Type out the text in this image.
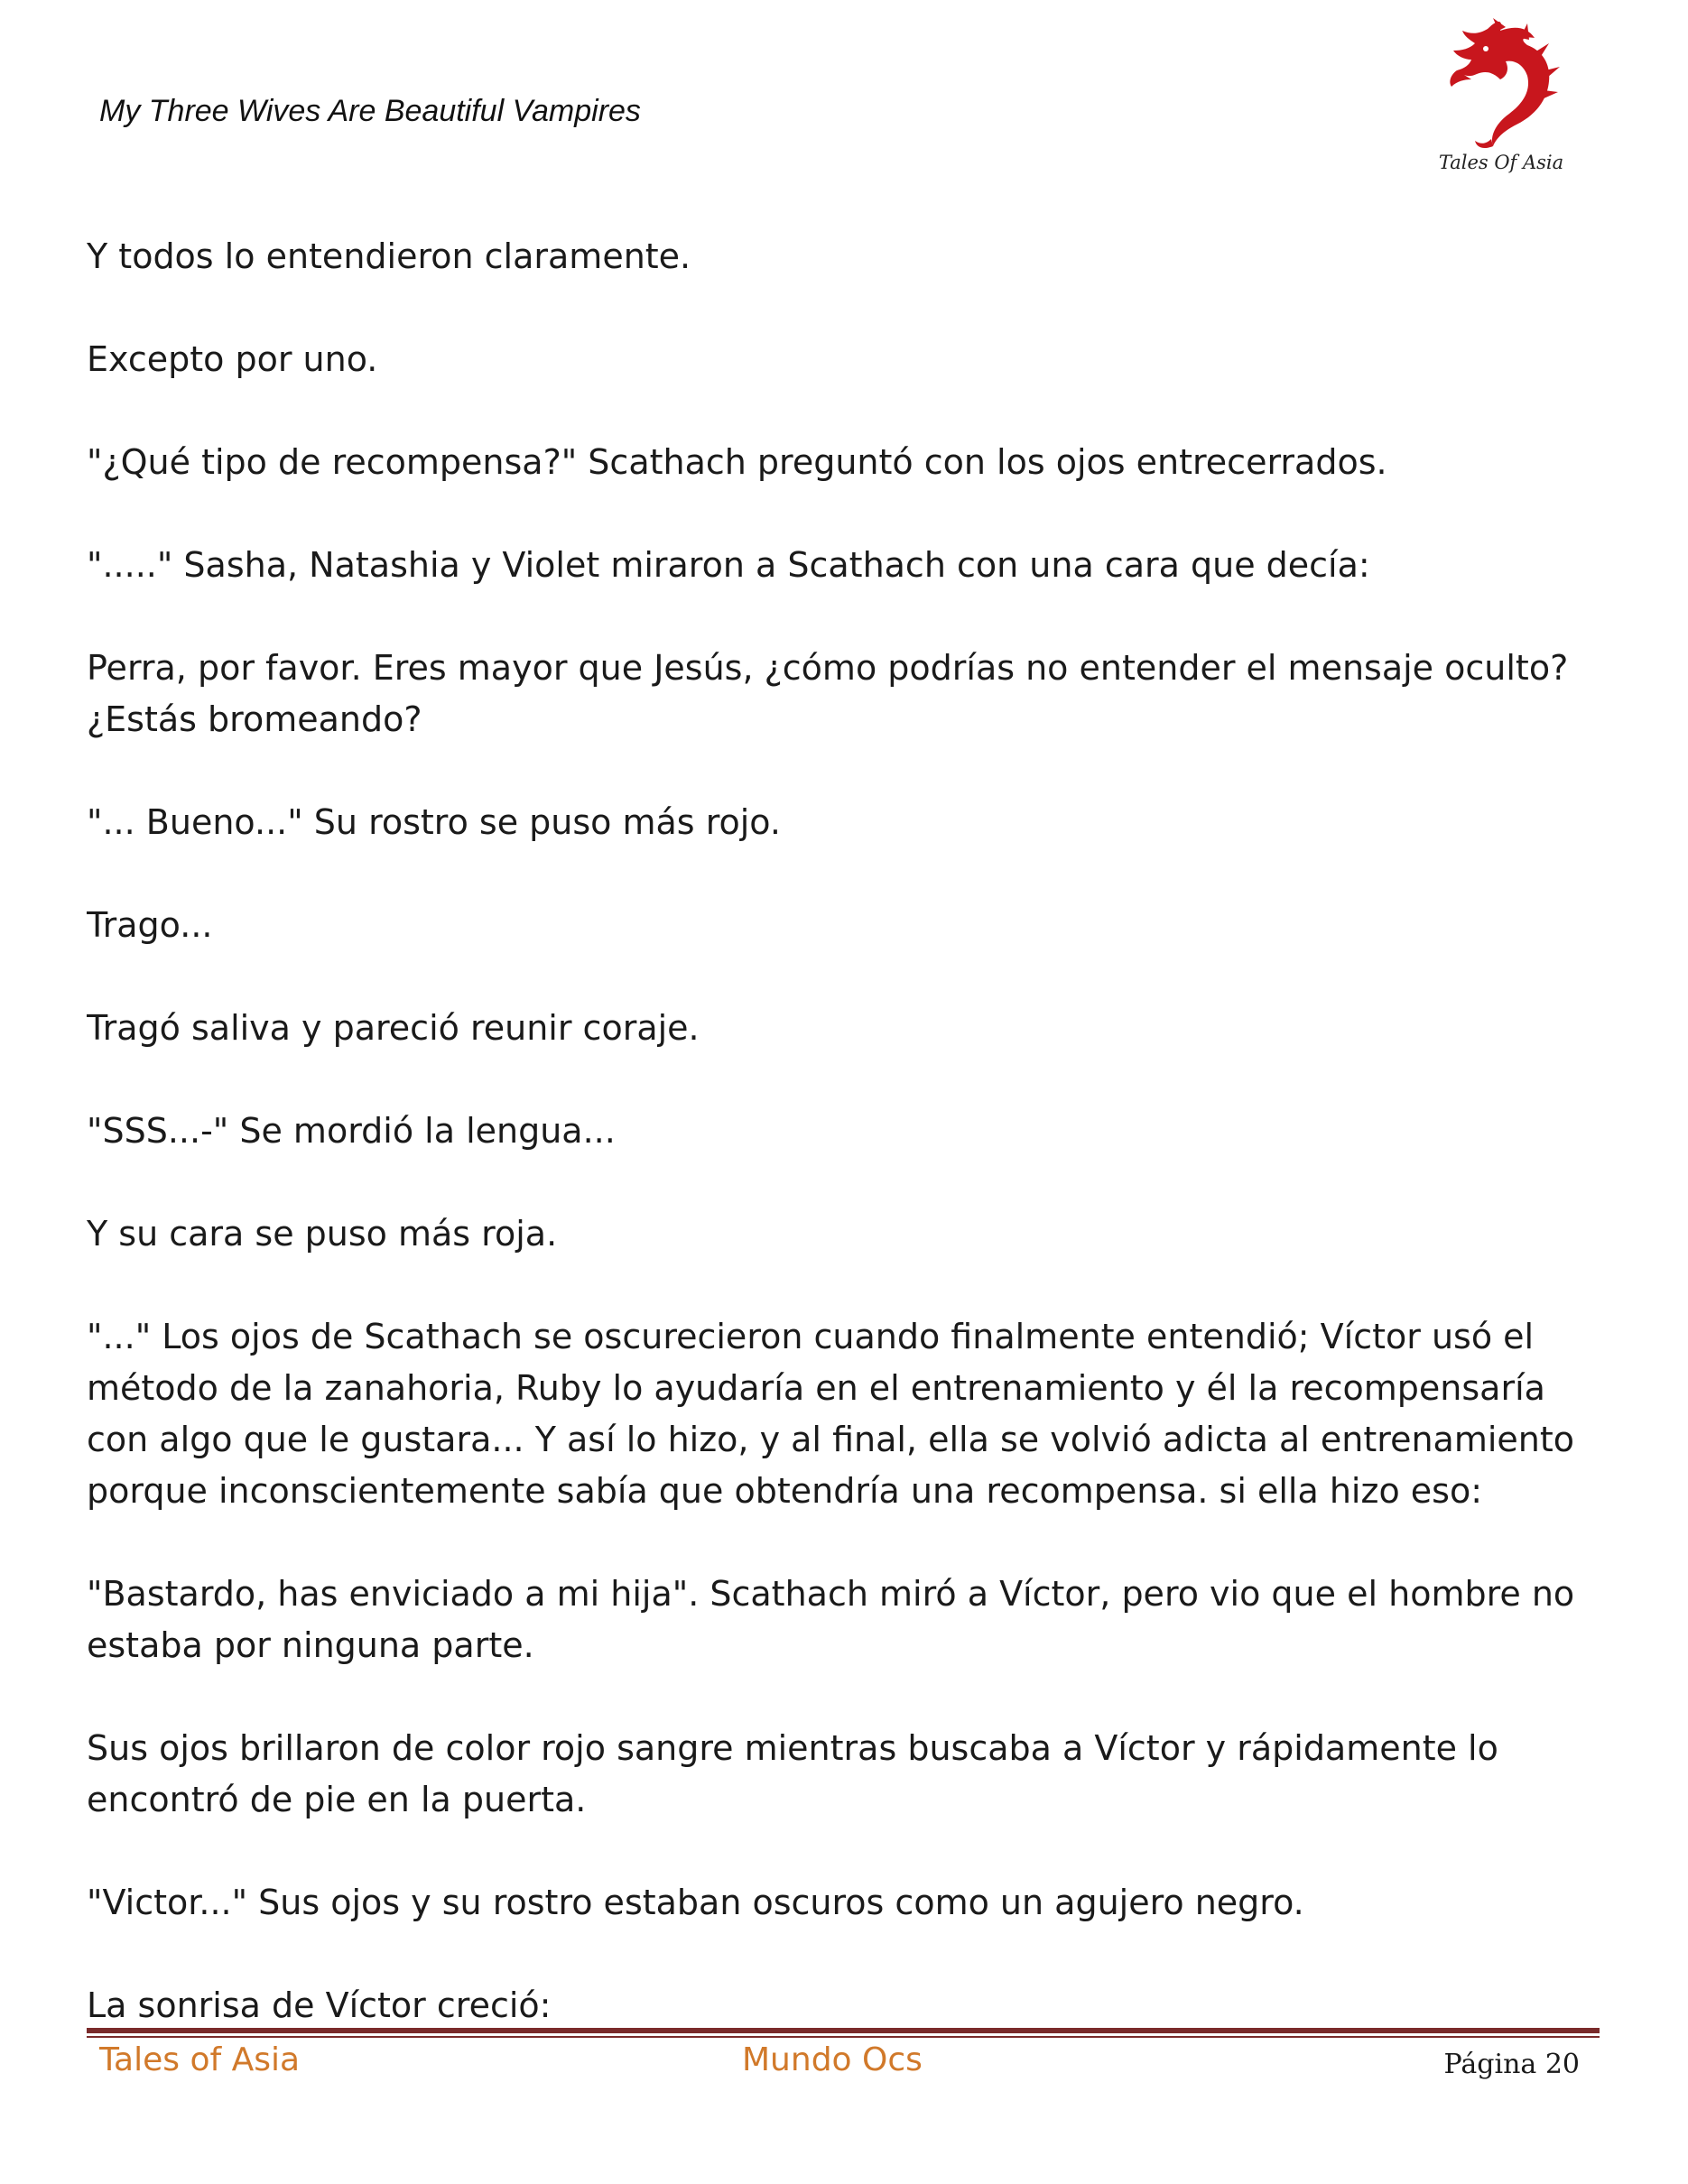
My Three Wives Are Beautiful Vampires
Tales Of Asia

Y todos lo entendieron claramente.

Excepto por uno.

"¿Qué tipo de recompensa?" Scathach preguntó con los ojos entrecerrados.

"....." Sasha, Natashia y Violet miraron a Scathach con una cara que decía:

Perra, por favor. Eres mayor que Jesús, ¿cómo podrías no entender el mensaje oculto? ¿Estás bromeando?

"... Bueno..." Su rostro se puso más rojo.

Trago...

Tragó saliva y pareció reunir coraje.

"SSS...-" Se mordió la lengua...

Y su cara se puso más roja.

"..." Los ojos de Scathach se oscurecieron cuando finalmente entendió; Víctor usó el método de la zanahoria, Ruby lo ayudaría en el entrenamiento y él la recompensaría con algo que le gustara... Y así lo hizo, y al final, ella se volvió adicta al entrenamiento porque inconscientemente sabía que obtendría una recompensa. si ella hizo eso:

"Bastardo, has enviciado a mi hija". Scathach miró a Víctor, pero vio que el hombre no estaba por ninguna parte.

Sus ojos brillaron de color rojo sangre mientras buscaba a Víctor y rápidamente lo encontró de pie en la puerta.

"Victor..." Sus ojos y su rostro estaban oscuros como un agujero negro.

La sonrisa de Víctor creció:

Tales of Asia	Mundo Ocs	Página 20
